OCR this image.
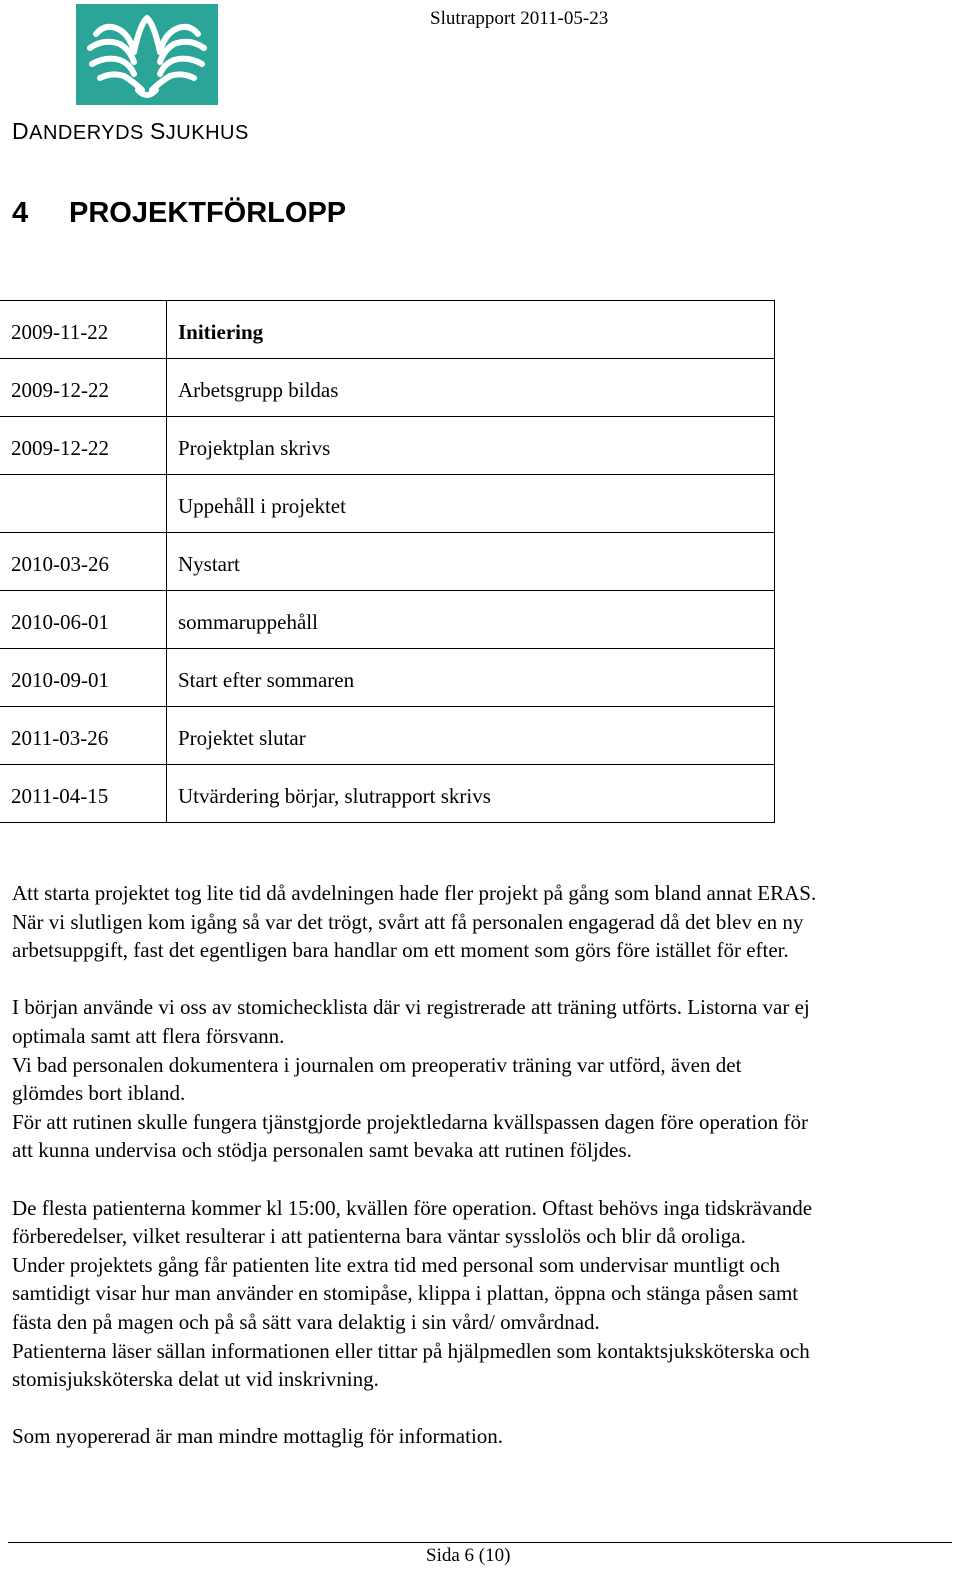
DANDERYDS SJUKHUS
Slutrapport 2011-05-23
4 PROJEKTFÖRLOPP
2009-11-22	Initiering

2009-12-22	Arbetsgrupp bildas

2009-12-22	Projektplan skrivs

	Uppehåll i projektet

2010-03-26	Nystart

2010-06-01	sommaruppehåll

2010-09-01	Start efter sommaren

2011-03-26	Projektet slutar

2011-04-15	Utvärdering börjar, slutrapport skrivs

Att starta projektet tog lite tid då avdelningen hade fler projekt på gång som bland annat ERAS.
När vi slutligen kom igång så var det trögt, svårt att få personalen engagerad då det blev en ny
arbetsuppgift, fast det egentligen bara handlar om ett moment som görs före istället för efter.

I början använde vi oss av stomichecklista där vi registrerade att träning utförts. Listorna var ej
optimala samt att flera försvann.
Vi bad personalen dokumentera i journalen om preoperativ träning var utförd, även det
glömdes bort ibland.
För att rutinen skulle fungera tjänstgjorde projektledarna kvällspassen dagen före operation för
att kunna undervisa och stödja personalen samt bevaka att rutinen följdes.

De flesta patienterna kommer kl 15:00, kvällen före operation. Oftast behövs inga tidskrävande
förberedelser, vilket resulterar i att patienterna bara väntar sysslolös och blir då oroliga.
Under projektets gång får patienten lite extra tid med personal som undervisar muntligt och
samtidigt visar hur man använder en stomipåse, klippa i plattan, öppna och stänga påsen samt
fästa den på magen och på så sätt vara delaktig i sin vård/ omvårdnad.
Patienterna läser sällan informationen eller tittar på hjälpmedlen som kontaktsjuksköterska och
stomisjuksköterska delat ut vid inskrivning.

Som nyopererad är man mindre mottaglig för information.

Sida 6 (10)
